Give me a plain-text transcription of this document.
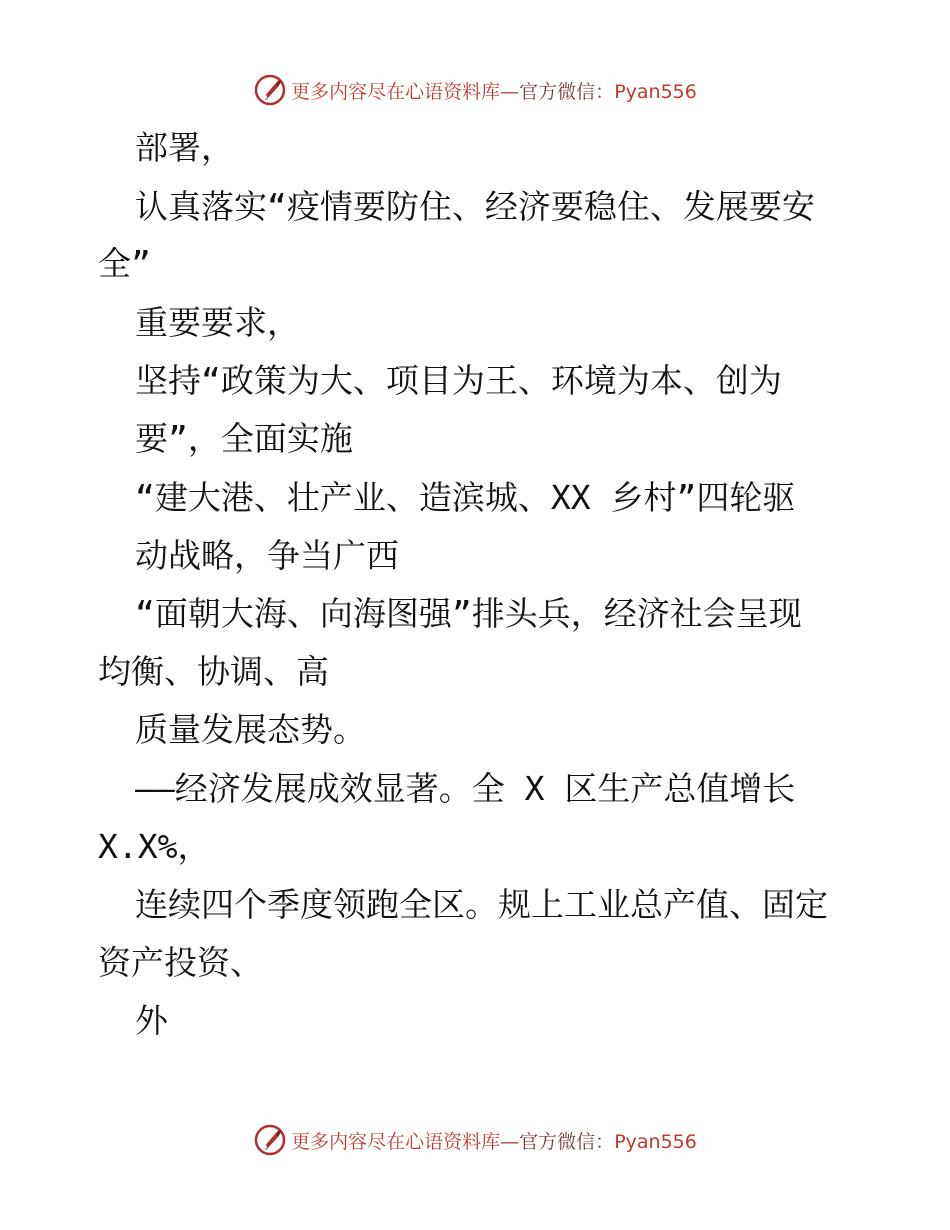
更多内容尽在心语资料库—官方微信：Pyan556
部署，
认真落实“疫情要防住、经济要稳住、发展要安
全”
重要要求，
坚持“政策为大、项目为王、环境为本、创为
要”，全面实施
“建大港、壮产业、造滨城、XX 乡村”四轮驱
动战略，争当广西
“面朝大海、向海图强”排头兵，经济社会呈现
均衡、协调、高
质量发展态势。
——经济发展成效显著。全 X 区生产总值增长
X.X%，
连续四个季度领跑全区。规上工业总产值、固定
资产投资、
外
更多内容尽在心语资料库—官方微信：Pyan556
